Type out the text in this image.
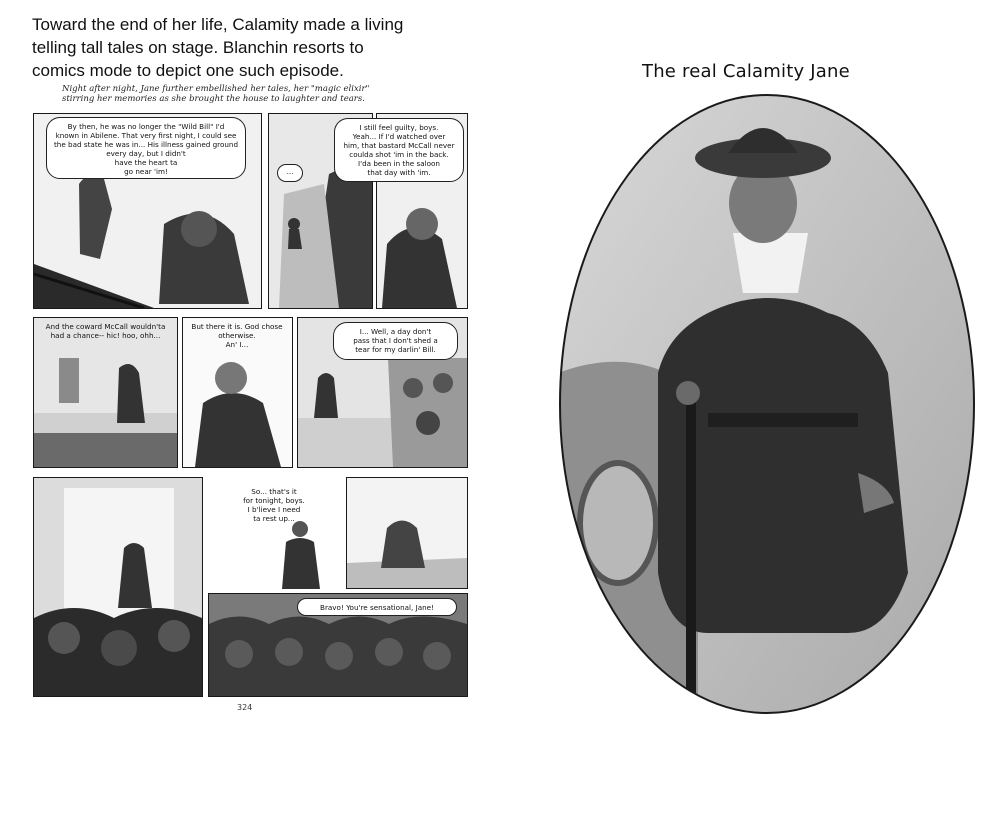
Toward the end of her life, Calamity made a living
telling tall tales on stage. Blanchin resorts to
comics mode to depict one such episode.	The real Calamity Jane
Night after night, Jane further embellished her tales, her "magic elixir"
stirring her memories as she brought the house to laughter and tears.
By then, he was no longer the "Wild Bill" I'd
known in Abilene. That very first night, I could see
the bad state he was in... His illness gained ground
every day, but I didn't
have the heart ta
go near 'im!	...
I still feel guilty, boys.
Yeah... If I'd watched over
him, that bastard McCall never
coulda shot 'im in the back.
I'da been in the saloon
that day with 'im.
And the coward McCall wouldn'ta
had a chance-- hic! hoo, ohh...
But there it is. God chose
otherwise.
An' I...
I... Well, a day don't
pass that I don't shed a
tear for my darlin' Bill.
So... that's it
for tonight, boys.
I b'lieve I need
ta rest up...
Bravo! You're sensational, Jane!
324
